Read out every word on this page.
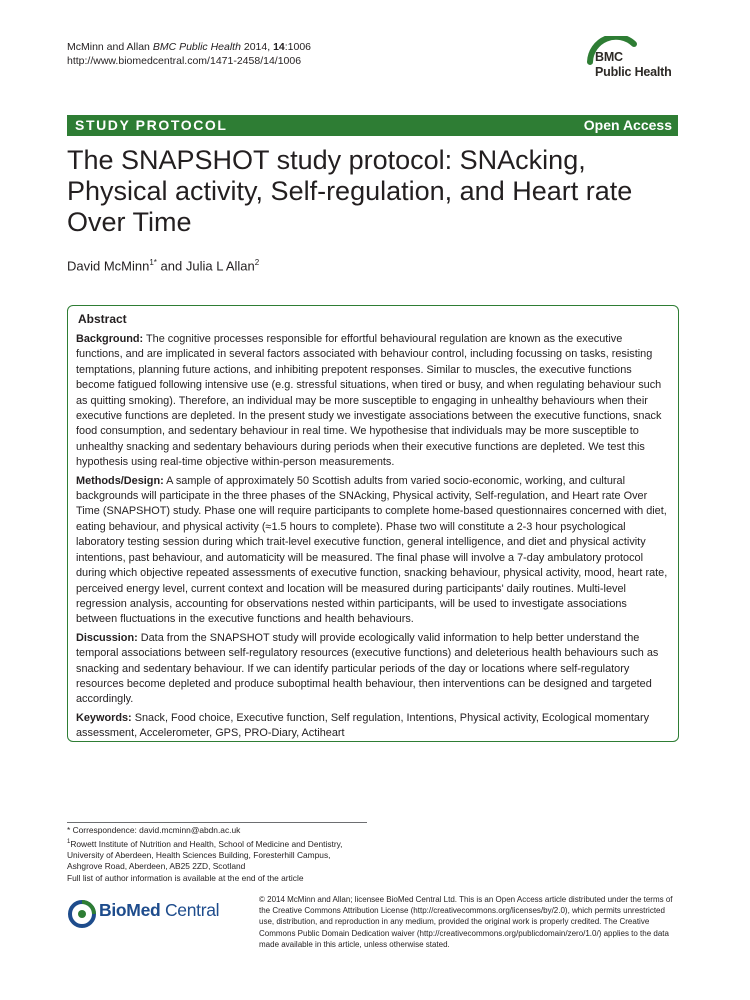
McMinn and Allan BMC Public Health 2014, 14:1006
http://www.biomedcentral.com/1471-2458/14/1006	BMC
Public Health
STUDY PROTOCOL	Open Access
The SNAPSHOT study protocol: SNAcking, Physical activity, Self-regulation, and Heart rate Over Time
David McMinn$^{1*}$ and Julia L Allan$^2$
Abstract

Background: The cognitive processes responsible for effortful behavioural regulation are known as the executive functions, and are implicated in several factors associated with behaviour control, including focussing on tasks, resisting temptations, planning future actions, and inhibiting prepotent responses. Similar to muscles, the executive functions become fatigued following intensive use (e.g. stressful situations, when tired or busy, and when regulating behaviour such as quitting smoking). Therefore, an individual may be more susceptible to engaging in unhealthy behaviours when their executive functions are depleted. In the present study we investigate associations between the executive functions, snack food consumption, and sedentary behaviour in real time. We hypothesise that individuals may be more susceptible to unhealthy snacking and sedentary behaviours during periods when their executive functions are depleted. We test this hypothesis using real-time objective within-person measurements.

Methods/Design: A sample of approximately 50 Scottish adults from varied socio-economic, working, and cultural backgrounds will participate in the three phases of the SNAcking, Physical activity, Self-regulation, and Heart rate Over Time (SNAPSHOT) study. Phase one will require participants to complete home-based questionnaires concerned with diet, eating behaviour, and physical activity (≈1.5 hours to complete). Phase two will constitute a 2-3 hour psychological laboratory testing session during which trait-level executive function, general intelligence, and diet and physical activity intentions, past behaviour, and automaticity will be measured. The final phase will involve a 7-day ambulatory protocol during which objective repeated assessments of executive function, snacking behaviour, physical activity, mood, heart rate, perceived energy level, current context and location will be measured during participants' daily routines. Multi-level regression analysis, accounting for observations nested within participants, will be used to investigate associations between fluctuations in the executive functions and health behaviours.

Discussion: Data from the SNAPSHOT study will provide ecologically valid information to help better understand the temporal associations between self-regulatory resources (executive functions) and deleterious health behaviours such as snacking and sedentary behaviour. If we can identify particular periods of the day or locations where self-regulatory resources become depleted and produce suboptimal health behaviour, then interventions can be designed and targeted accordingly.

Keywords: Snack, Food choice, Executive function, Self regulation, Intentions, Physical activity, Ecological momentary assessment, Accelerometer, GPS, PRO-Diary, Actiheart

* Correspondence: david.mcminn@abdn.ac.uk
$^1$Rowett Institute of Nutrition and Health, School of Medicine and Dentistry,
University of Aberdeen, Health Sciences Building, Foresterhill Campus,
Ashgrove Road, Aberdeen, AB25 2ZD, Scotland
Full list of author information is available at the end of the article
BioMed Central
© 2014 McMinn and Allan; licensee BioMed Central Ltd. This is an Open Access article distributed under the terms of the Creative Commons Attribution License (http://creativecommons.org/licenses/by/2.0), which permits unrestricted use, distribution, and reproduction in any medium, provided the original work is properly credited. The Creative Commons Public Domain Dedication waiver (http://creativecommons.org/publicdomain/zero/1.0/) applies to the data made available in this article, unless otherwise stated.
